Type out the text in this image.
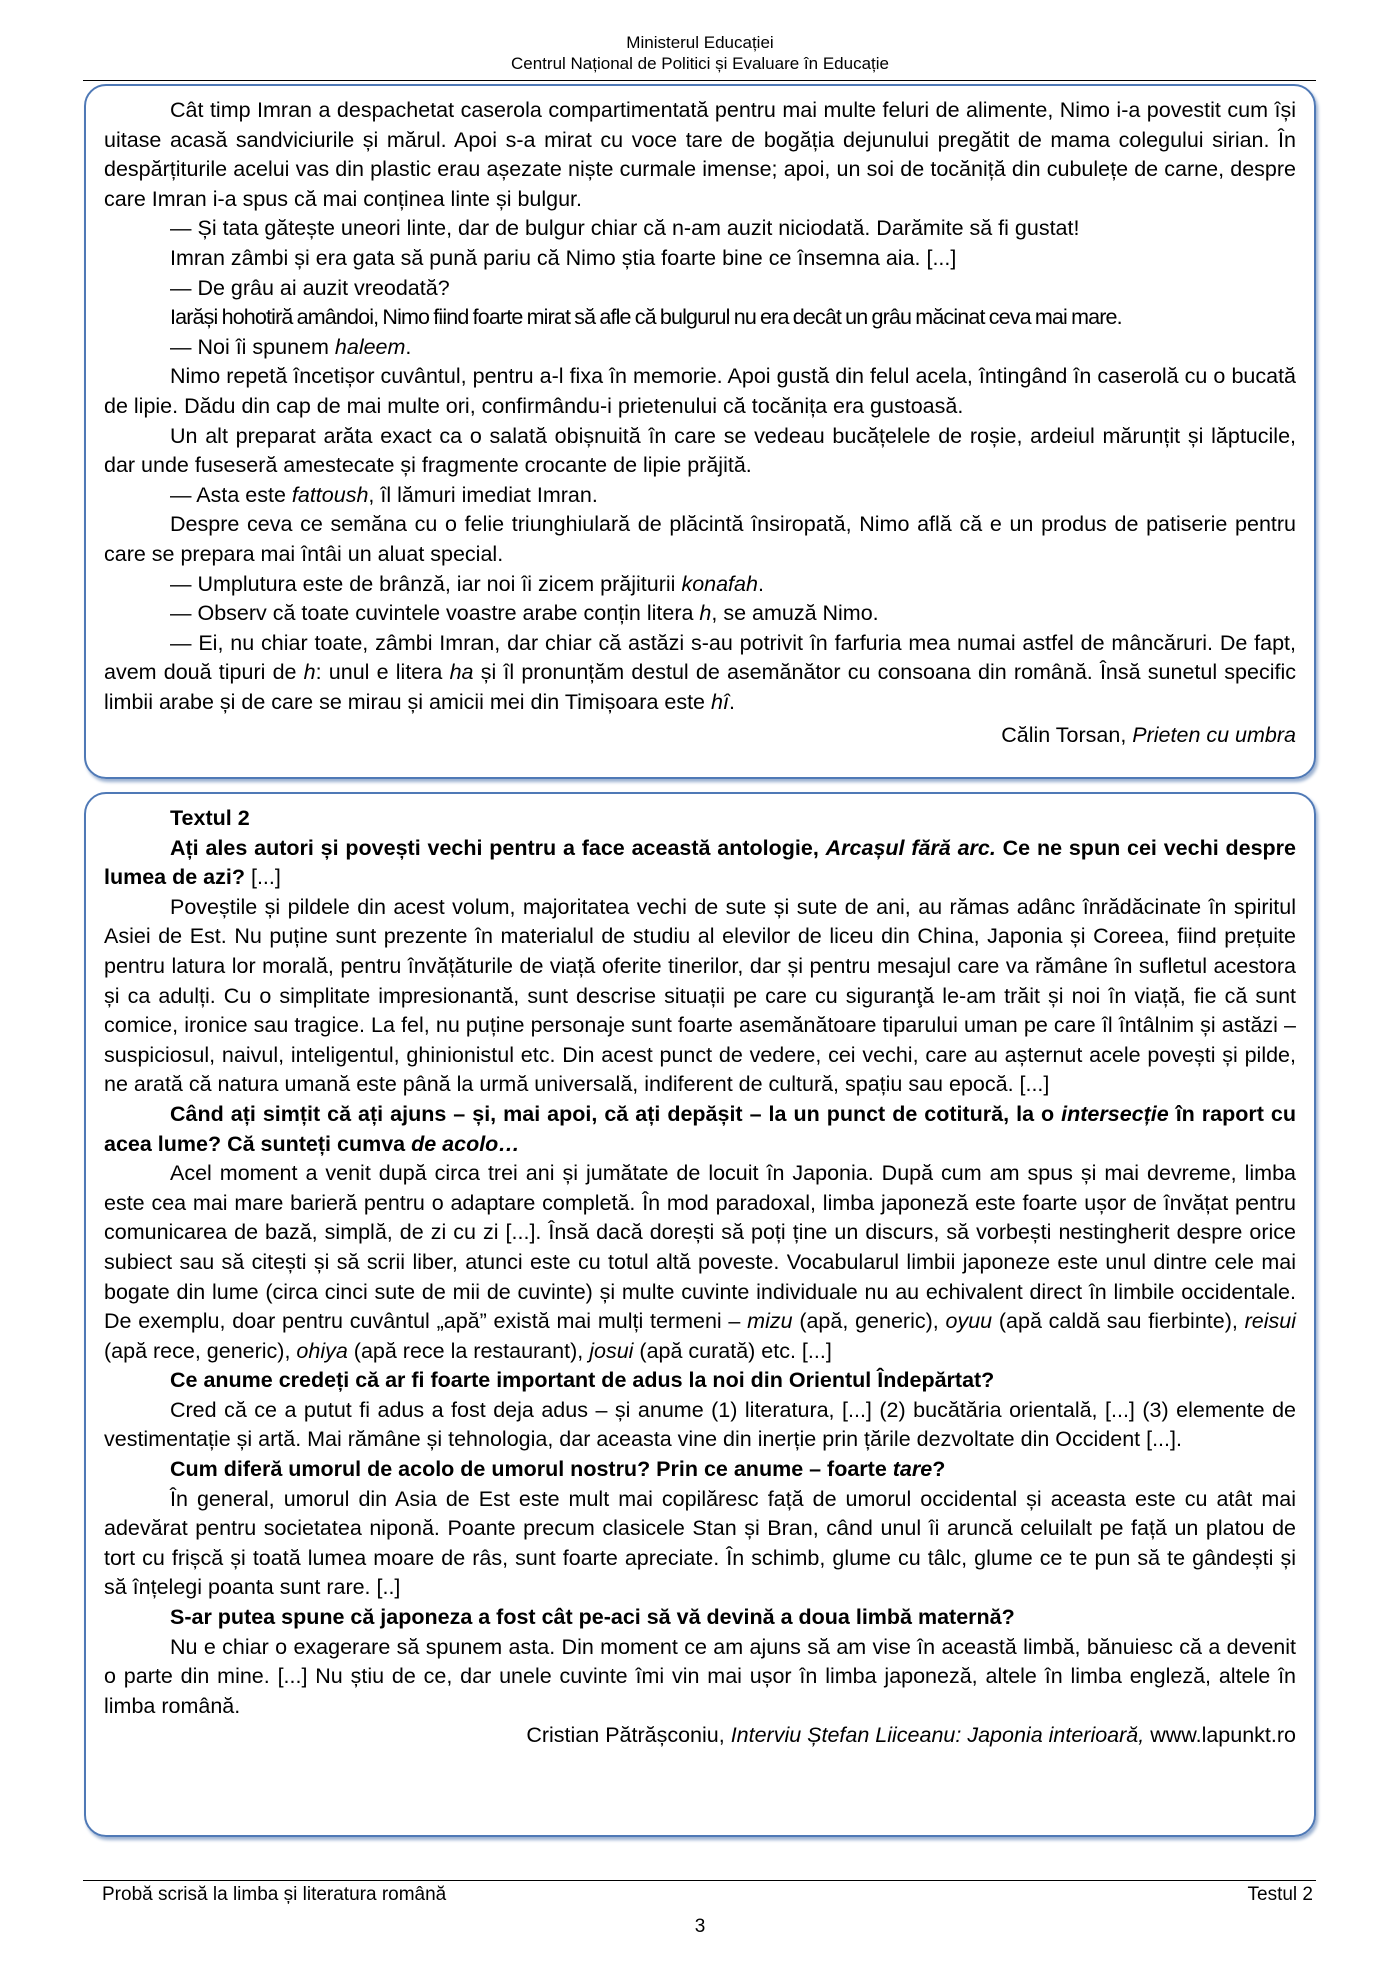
Ministerul Educației
Centrul Național de Politici și Evaluare în Educație

Cât timp Imran a despachetat caserola compartimentată pentru mai multe feluri de alimente, Nimo i-a povestit cum își uitase acasă sandviciurile și mărul. Apoi s-a mirat cu voce tare de bogăția dejunului pregătit de mama colegului sirian. În despărțiturile acelui vas din plastic erau așezate niște curmale imense; apoi, un soi de tocăniță din cubulețe de carne, despre care Imran i-a spus că mai conținea linte și bulgur.

— Și tata gătește uneori linte, dar de bulgur chiar că n-am auzit niciodată. Darămite să fi gustat!

Imran zâmbi și era gata să pună pariu că Nimo știa foarte bine ce însemna aia. [...]

— De grâu ai auzit vreodată?

Iarăși hohotiră amândoi, Nimo fiind foarte mirat să afle că bulgurul nu era decât un grâu măcinat ceva mai mare.

— Noi îi spunem haleem.

Nimo repetă încetișor cuvântul, pentru a-l fixa în memorie. Apoi gustă din felul acela, întingând în caserolă cu o bucată de lipie. Dădu din cap de mai multe ori, confirmându-i prietenului că tocănița era gustoasă.

Un alt preparat arăta exact ca o salată obișnuită în care se vedeau bucățelele de roșie, ardeiul mărunțit și lăptucile, dar unde fuseseră amestecate și fragmente crocante de lipie prăjită.

— Asta este fattoush, îl lămuri imediat Imran.

Despre ceva ce semăna cu o felie triunghiulară de plăcintă însiropată, Nimo află că e un produs de patiserie pentru care se prepara mai întâi un aluat special.

— Umplutura este de brânză, iar noi îi zicem prăjiturii konafah.

— Observ că toate cuvintele voastre arabe conțin litera h, se amuză Nimo.

— Ei, nu chiar toate, zâmbi Imran, dar chiar că astăzi s-au potrivit în farfuria mea numai astfel de mâncăruri. De fapt, avem două tipuri de h: unul e litera ha și îl pronunțăm destul de asemănător cu consoana din română. Însă sunetul specific limbii arabe și de care se mirau și amicii mei din Timișoara este hî.

Călin Torsan, Prieten cu umbra

Textul 2

Ați ales autori și povești vechi pentru a face această antologie, Arcașul fără arc. Ce ne spun cei vechi despre lumea de azi? [...]

Poveștile și pildele din acest volum, majoritatea vechi de sute și sute de ani, au rămas adânc înrădăcinate în spiritul Asiei de Est. Nu puține sunt prezente în materialul de studiu al elevilor de liceu din China, Japonia și Coreea, fiind prețuite pentru latura lor morală, pentru învățăturile de viață oferite tinerilor, dar și pentru mesajul care va rămâne în sufletul acestora și ca adulți. Cu o simplitate impresionantă, sunt descrise situații pe care cu siguranţă le-am trăit și noi în viață, fie că sunt comice, ironice sau tragice. La fel, nu puține personaje sunt foarte asemănătoare tiparului uman pe care îl întâlnim și astăzi – suspiciosul, naivul, inteligentul, ghinionistul etc. Din acest punct de vedere, cei vechi, care au așternut acele povești și pilde, ne arată că natura umană este până la urmă universală, indiferent de cultură, spațiu sau epocă. [...]

Când ați simțit că ați ajuns – și, mai apoi, că ați depășit – la un punct de cotitură, la o intersecție în raport cu acea lume? Că sunteți cumva de acolo…

Acel moment a venit după circa trei ani și jumătate de locuit în Japonia. După cum am spus și mai devreme, limba este cea mai mare barieră pentru o adaptare completă. În mod paradoxal, limba japoneză este foarte ușor de învățat pentru comunicarea de bază, simplă, de zi cu zi [...]. Însă dacă dorești să poți ține un discurs, să vorbești nestingherit despre orice subiect sau să citești și să scrii liber, atunci este cu totul altă poveste. Vocabularul limbii japoneze este unul dintre cele mai bogate din lume (circa cinci sute de mii de cuvinte) și multe cuvinte individuale nu au echivalent direct în limbile occidentale. De exemplu, doar pentru cuvântul „apă” există mai mulți termeni – mizu (apă, generic), oyuu (apă caldă sau fierbinte), reisui (apă rece, generic), ohiya (apă rece la restaurant), josui (apă curată) etc. [...]

Ce anume credeți că ar fi foarte important de adus la noi din Orientul Îndepărtat?

Cred că ce a putut fi adus a fost deja adus – și anume (1) literatura, [...] (2) bucătăria orientală, [...] (3) elemente de vestimentație și artă. Mai rămâne și tehnologia, dar aceasta vine din inerție prin țările dezvoltate din Occident [...].

Cum diferă umorul de acolo de umorul nostru? Prin ce anume – foarte tare?

În general, umorul din Asia de Est este mult mai copilăresc față de umorul occidental și aceasta este cu atât mai adevărat pentru societatea niponă. Poante precum clasicele Stan și Bran, când unul îi aruncă celuilalt pe față un platou de tort cu frișcă și toată lumea moare de râs, sunt foarte apreciate. În schimb, glume cu tâlc, glume ce te pun să te gândești și să înțelegi poanta sunt rare. [..]

S-ar putea spune că japoneza a fost cât pe-aci să vă devină a doua limbă maternă?

Nu e chiar o exagerare să spunem asta. Din moment ce am ajuns să am vise în această limbă, bănuiesc că a devenit o parte din mine. [...] Nu știu de ce, dar unele cuvinte îmi vin mai ușor în limba japoneză, altele în limba engleză, altele în limba română.

Cristian Pătrășconiu, Interviu Ștefan Liiceanu: Japonia interioară, www.lapunkt.ro

Probă scrisă la limba și literatura română	Testul 2
3
